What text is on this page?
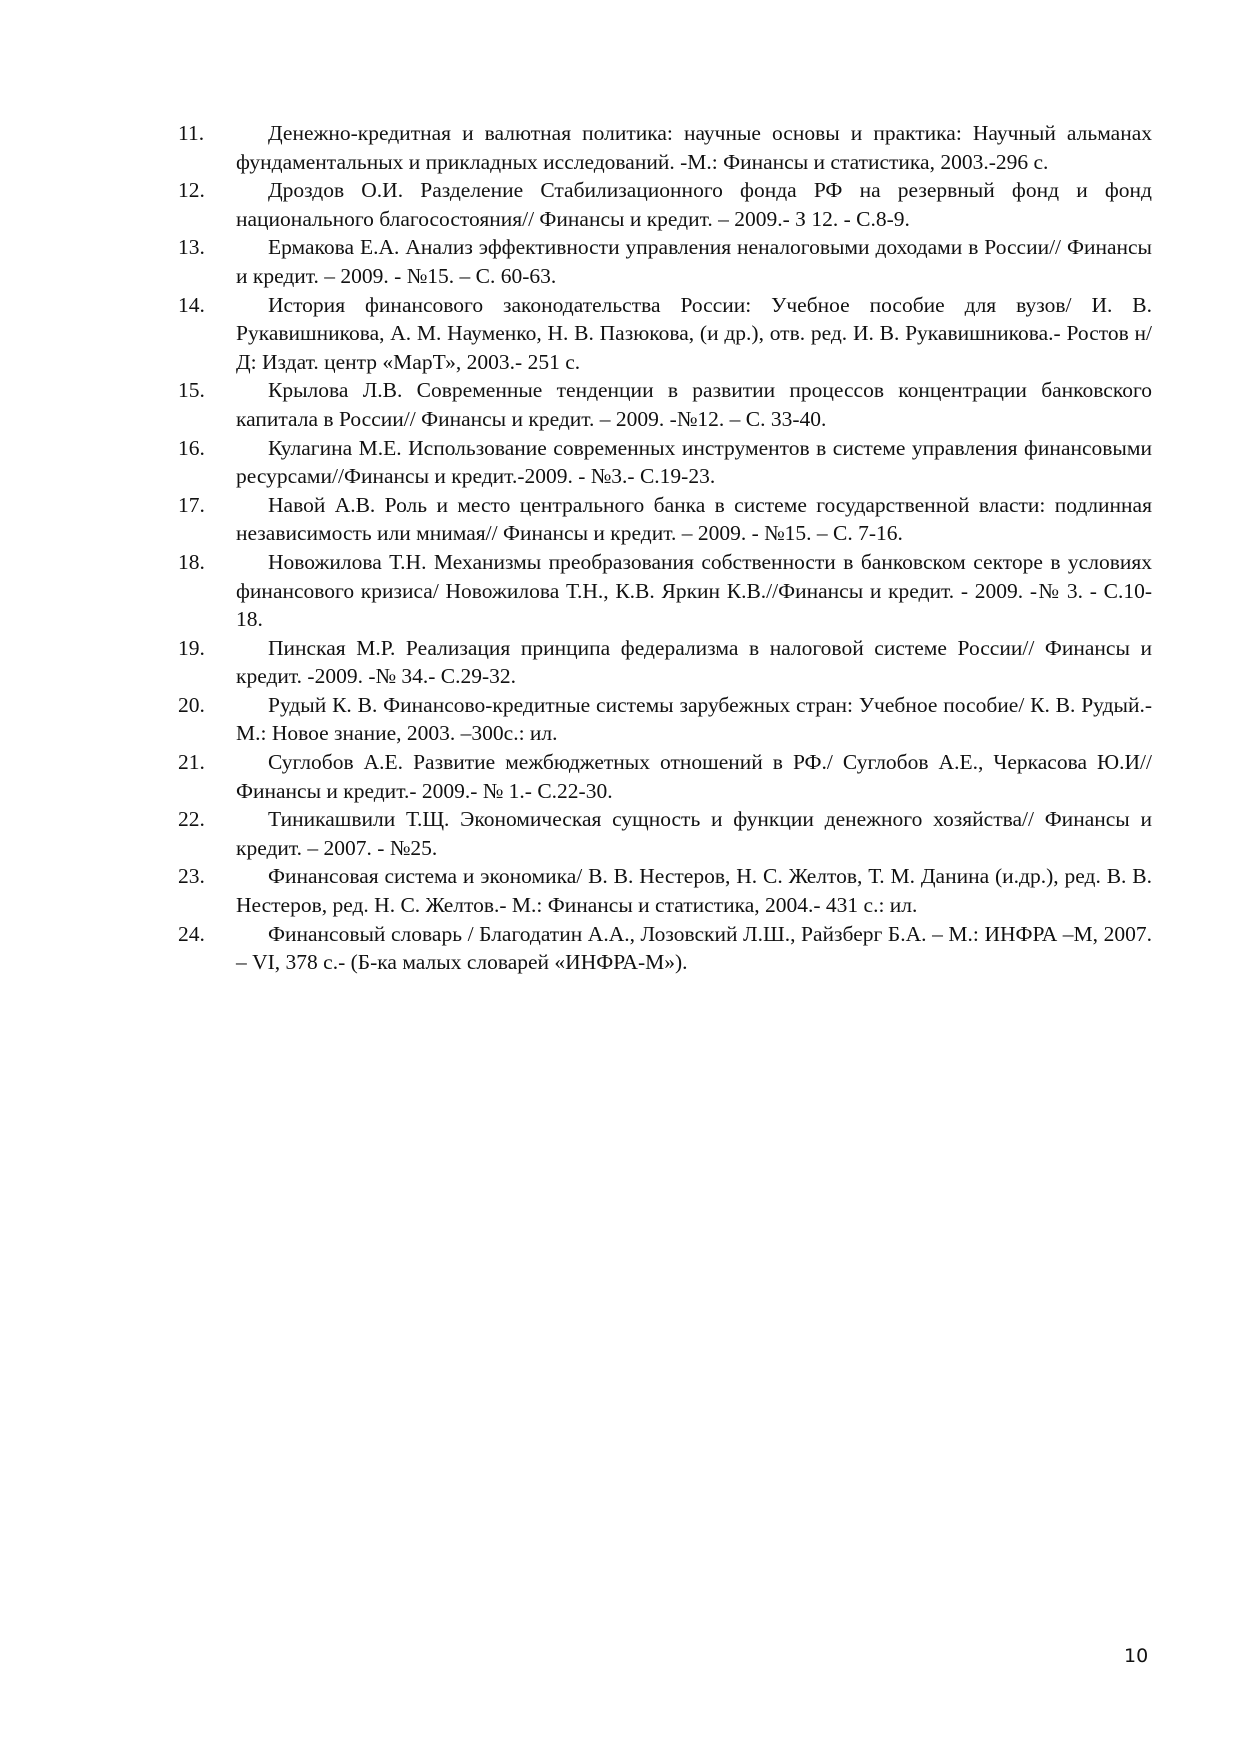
11.	Денежно-кредитная и валютная политика: научные основы и практика: Научный альманах фундаментальных и прикладных исследований. -М.: Финансы и статистика, 2003.-296 с.
12.	Дроздов О.И. Разделение Стабилизационного фонда РФ на резервный фонд и фонд национального благосостояния// Финансы и кредит. – 2009.- З 12. - С.8-9.
13.	Ермакова Е.А. Анализ эффективности управления неналоговыми доходами в России// Финансы и кредит. – 2009. - №15. – С. 60-63.
14.	История финансового законодательства России: Учебное пособие для вузов/ И. В. Рукавишникова, А. М. Науменко, Н. В. Пазюкова, (и др.), отв. ред. И. В. Рукавишникова.- Ростов н/Д: Издат. центр «МарТ», 2003.- 251 с.
15.	Крылова Л.В. Современные тенденции в развитии процессов концентрации банковского капитала в России// Финансы и кредит. – 2009. -№12. – С. 33-40.
16.	Кулагина М.Е. Использование современных инструментов в системе управления финансовыми ресурсами//Финансы и кредит.-2009. - №3.- С.19-23.
17.	Навой А.В. Роль и место центрального банка в системе государственной власти: подлинная независимость или мнимая// Финансы и кредит. – 2009. - №15. – С. 7-16.
18.	Новожилова Т.Н. Механизмы преобразования собственности в банковском секторе в условиях финансового кризиса/ Новожилова Т.Н., К.В. Яркин К.В.//Финансы и кредит. - 2009. -№ 3. - С.10-18.
19.	Пинская М.Р. Реализация принципа федерализма в налоговой системе России// Финансы и кредит. -2009. -№ 34.- С.29-32.
20.	Рудый К. В. Финансово-кредитные системы зарубежных стран: Учебное пособие/ К. В. Рудый.- М.: Новое знание, 2003. –300с.: ил.
21.	Суглобов А.Е. Развитие межбюджетных отношений в РФ./ Суглобов А.Е., Черкасова Ю.И// Финансы и кредит.- 2009.- № 1.- С.22-30.
22.	Тиникашвили Т.Щ. Экономическая сущность и функции денежного хозяйства// Финансы и кредит. – 2007. - №25.
23.	Финансовая система и экономика/ В. В. Нестеров, Н. С. Желтов, Т. М. Данина (и.др.), ред. В. В. Нестеров, ред. Н. С. Желтов.- М.: Финансы и статистика, 2004.- 431 с.: ил.
24.	Финансовый словарь / Благодатин А.А., Лозовский Л.Ш., Райзберг Б.А. – М.: ИНФРА –М, 2007. – VI, 378 с.- (Б-ка малых словарей «ИНФРА-М»).
10
